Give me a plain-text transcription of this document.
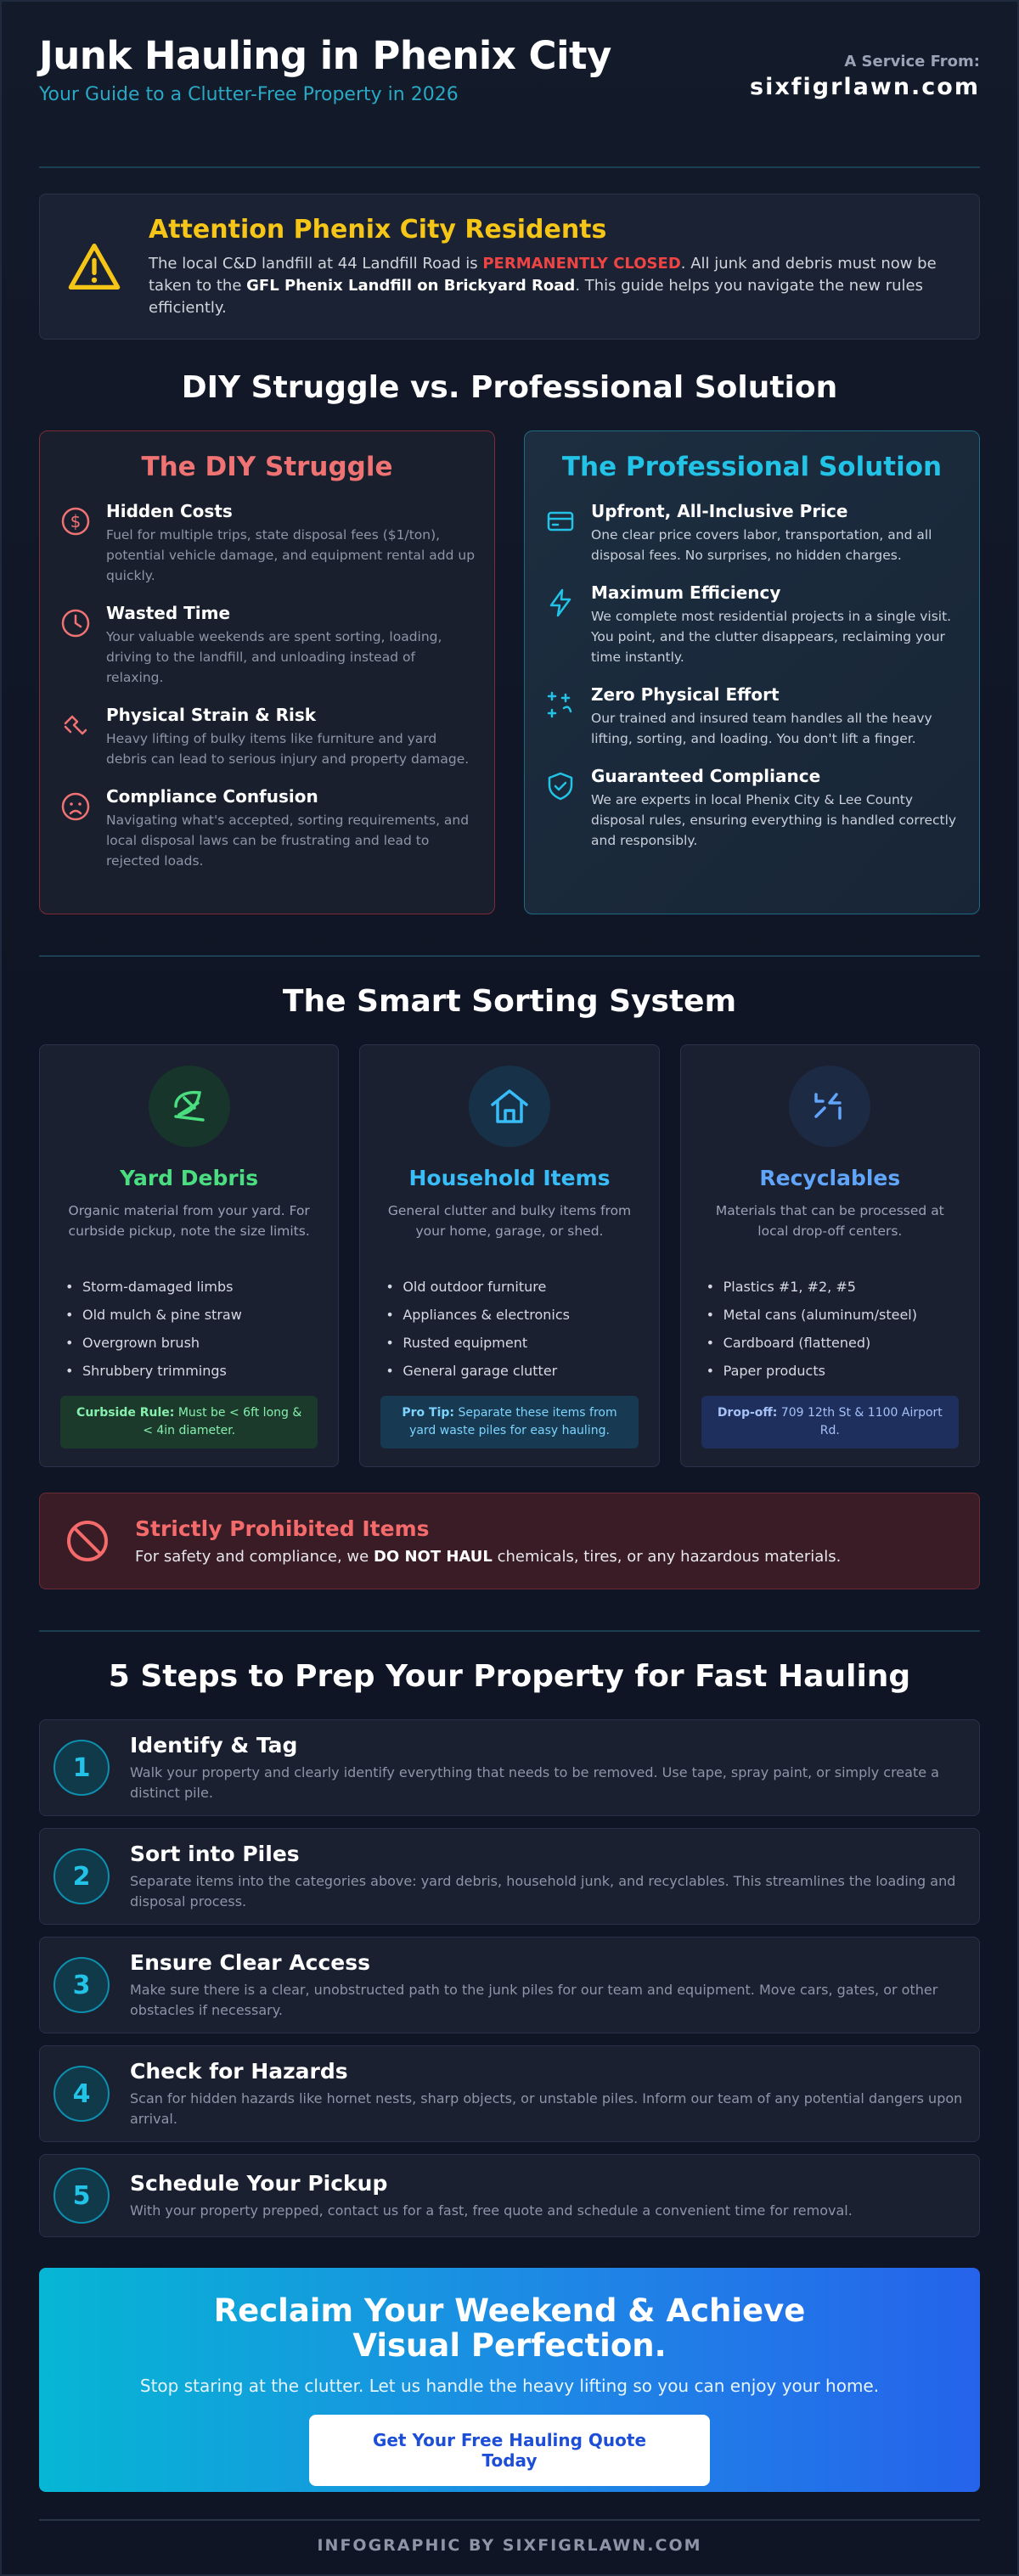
Junk Hauling in Phenix City
Your Guide to a Clutter-Free Property in 2026
A Service From:
sixfigrlawn.com
Attention Phenix City Residents
The local C&D landfill at 44 Landfill Road is PERMANENTLY CLOSED. All junk and debris must now be taken to the GFL Phenix Landfill on Brickyard Road. This guide helps you navigate the new rules efficiently.
DIY Struggle vs. Professional Solution
The DIY Struggle
$ Hidden Costs
Fuel for multiple trips, state disposal fees ($1/ton), potential vehicle damage, and equipment rental add up quickly.
Wasted Time
Your valuable weekends are spent sorting, loading, driving to the landfill, and unloading instead of relaxing.
Physical Strain & Risk
Heavy lifting of bulky items like furniture and yard debris can lead to serious injury and property damage.
Compliance Confusion
Navigating what's accepted, sorting requirements, and local disposal laws can be frustrating and lead to rejected loads.
The Professional Solution
Upfront, All-Inclusive Price
One clear price covers labor, transportation, and all disposal fees. No surprises, no hidden charges.
Maximum Efficiency
We complete most residential projects in a single visit. You point, and the clutter disappears, reclaiming your time instantly.
Zero Physical Effort
Our trained and insured team handles all the heavy lifting, sorting, and loading. You don't lift a finger.
Guaranteed Compliance
We are experts in local Phenix City & Lee County disposal rules, ensuring everything is handled correctly and responsibly.
The Smart Sorting System
Yard Debris
Organic material from your yard. For curbside pickup, note the size limits.
• Storm-damaged limbs
• Old mulch & pine straw
• Overgrown brush
• Shrubbery trimmings
Curbside Rule: Must be < 6ft long & < 4in diameter.
Household Items
General clutter and bulky items from your home, garage, or shed.
• Old outdoor furniture
• Appliances & electronics
• Rusted equipment
• General garage clutter
Pro Tip: Separate these items from yard waste piles for easy hauling.
Recyclables
Materials that can be processed at local drop-off centers.
• Plastics #1, #2, #5
• Metal cans (aluminum/steel)
• Cardboard (flattened)
• Paper products
Drop-off: 709 12th St & 1100 Airport Rd.
Strictly Prohibited Items
For safety and compliance, we DO NOT HAUL chemicals, tires, or any hazardous materials.
5 Steps to Prep Your Property for Fast Hauling
1
Identify & Tag
Walk your property and clearly identify everything that needs to be removed. Use tape, spray paint, or simply create a distinct pile.
2
Sort into Piles
Separate items into the categories above: yard debris, household junk, and recyclables. This streamlines the loading and disposal process.
3
Ensure Clear Access
Make sure there is a clear, unobstructed path to the junk piles for our team and equipment. Move cars, gates, or other obstacles if necessary.
4
Check for Hazards
Scan for hidden hazards like hornet nests, sharp objects, or unstable piles. Inform our team of any potential dangers upon arrival.
5	Schedule Your Pickup
With your property prepped, contact us for a fast, free quote and schedule a convenient time for removal.
Reclaim Your Weekend & Achieve Visual Perfection.
Stop staring at the clutter. Let us handle the heavy lifting so you can enjoy your home.
Get Your Free Hauling Quote Today
INFOGRAPHIC BY SIXFIGRLAWN.COM
